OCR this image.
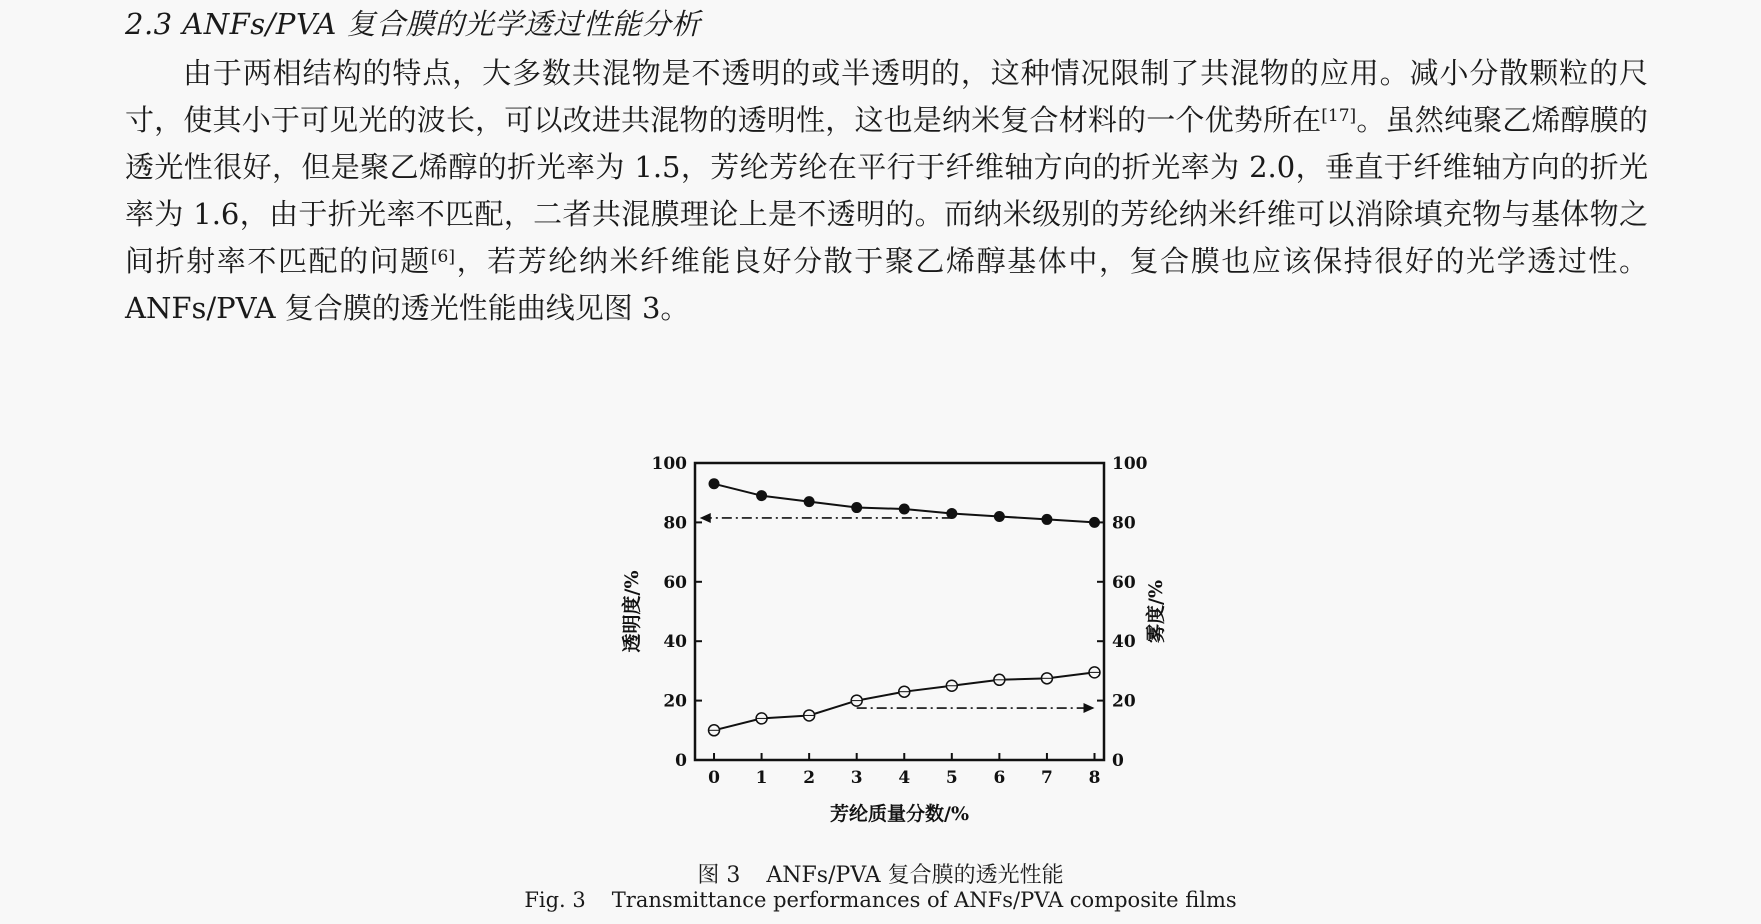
2.3 ANFs/PVA 复合膜的光学透过性能分析

由于两相结构的特点，大多数共混物是不透明的或半透明的，这种情况限制了共混物的应用。减小分散颗粒的尺寸，使其小于可见光的波长，可以改进共混物的透明性，这也是纳米复合材料的一个优势所在[17]。虽然纯聚乙烯醇膜的透光性很好，但是聚乙烯醇的折光率为 1.5，芳纶芳纶在平行于纤维轴方向的折光率为 2.0，垂直于纤维轴方向的折光率为 1.6，由于折光率不匹配，二者共混膜理论上是不透明的。而纳米级别的芳纶纳米纤维可以消除填充物与基体物之间折射率不匹配的问题[6]，若芳纶纳米纤维能良好分散于聚乙烯醇基体中，复合膜也应该保持很好的光学透过性。ANFs/PVA 复合膜的透光性能曲线见图 3。

0	0
20	20
40	40
60	60
80	80
100	100
0 1 2 3 4 5 6 7 8
芳纶质量分数/%
透明度/%	雾度/%

图 3 ANFs/PVA 复合膜的透光性能

Fig. 3 Transmittance performances of ANFs/PVA composite films
